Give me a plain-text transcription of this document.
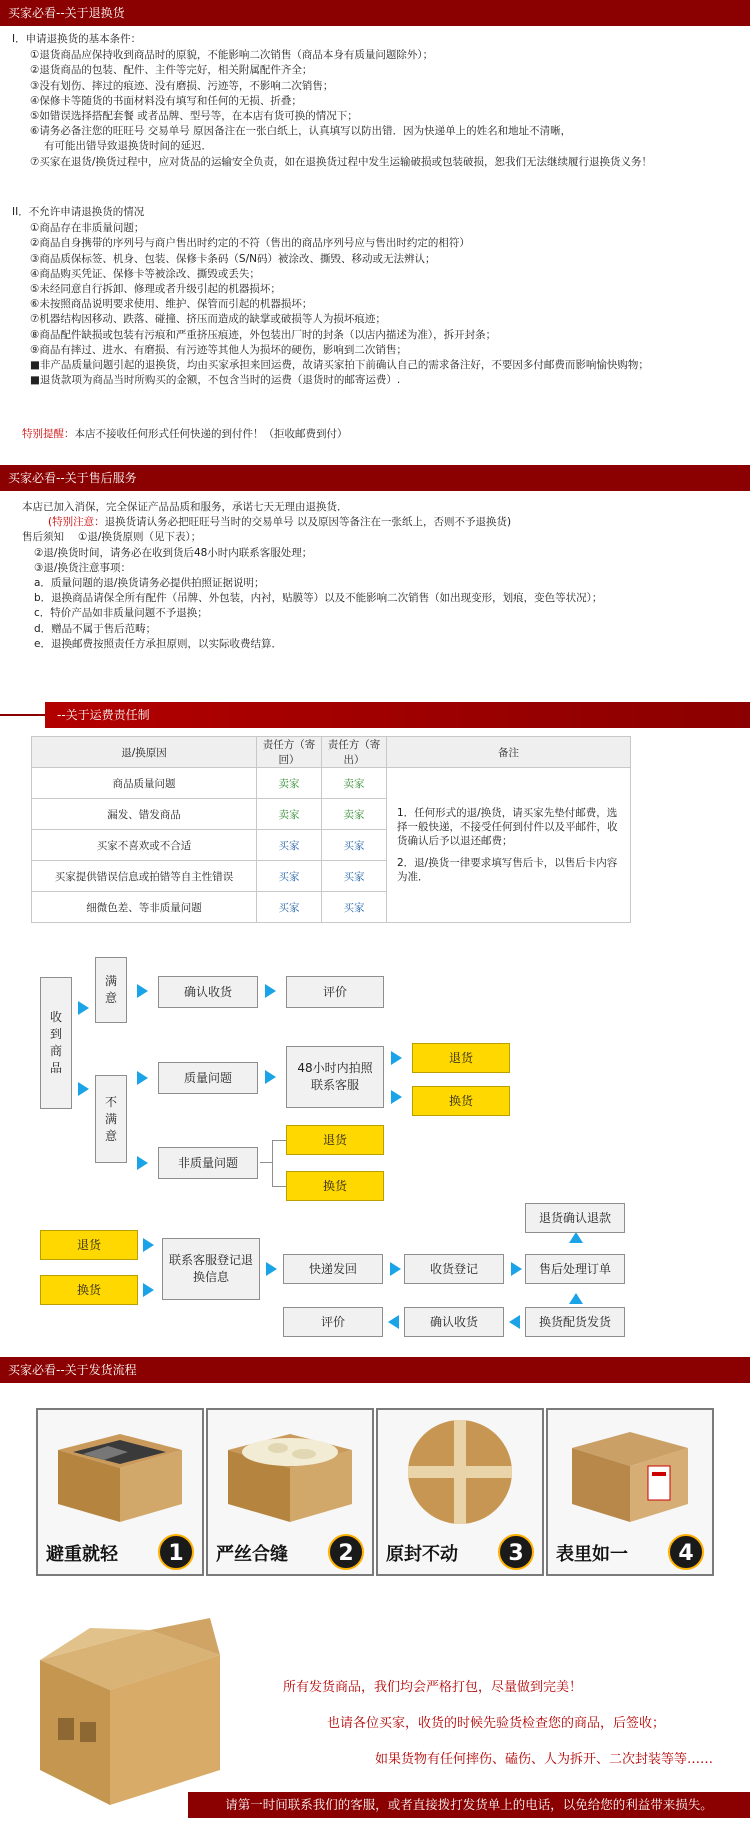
买家必看--关于退换货
I．申请退换货的基本条件：
①退货商品应保持收到商品时的原貌，不能影响二次销售（商品本身有质量问题除外）；
②退货商品的包装、配件、主件等完好，相关附属配件齐全；
③没有划伤、摔过的痕迹、没有磨损、污迹等，不影响二次销售；
④保修卡等随货的书面材料没有填写和任何的无损、折叠；
⑤如错误选择搭配套餐 或者品牌、型号等，在本店有货可换的情况下；
⑥请务必备注您的旺旺号 交易单号 原因备注在一张白纸上，认真填写以防出错．因为快递单上的姓名和地址不清晰，
有可能出错导致退换货时间的延迟．
⑦买家在退货/换货过程中，应对货品的运输安全负责，如在退换货过程中发生运输破损或包装破损，恕我们无法继续履行退换货义务！
II．不允许申请退换货的情况
①商品存在非质量问题；
②商品自身携带的序列号与商户售出时约定的不符（售出的商品序列号应与售出时约定的相符）
③商品质保标签、机身、包装、保修卡条码（S/N码）被涂改、撕毁、移动或无法辨认；
④商品购买凭证、保修卡等被涂改、撕毁或丢失；
⑤未经同意自行拆卸、修理或者升级引起的机器损坏；
⑥未按照商品说明要求使用、维护、保管而引起的机器损坏；
⑦机器结构因移动、跌落、碰撞、挤压而造成的缺掌或破损等人为损坏痕迹；
⑧商品配件缺损或包装有污痕和严重挤压痕迹，外包装出厂时的封条（以店内描述为准），拆开封条；
⑨商品有摔过、进水、有磨损、有污迹等其他人为损坏的硬伤，影响到二次销售；
■非产品质量问题引起的退换货，均由买家承担来回运费，故请买家拍下前确认自己的需求备注好，不要因多付邮费而影响愉快购物；
■退货款项为商品当时所购买的金额，不包含当时的运费（退货时的邮寄运费）.
特别提醒：本店不接收任何形式任何快递的到付件！（拒收邮费到付）
买家必看--关于售后服务
本店已加入消保，完全保证产品品质和服务，承诺七天无理由退换货．
(特别注意：退换货请认务必把旺旺号当时的交易单号 以及原因等备注在一张纸上，否则不予退换货)
售后须知 ①退/换货原则（见下表）；
②退/换货时间，请务必在收到货后48小时内联系客服处理；
③退/换货注意事项：
a．质量问题的退/换货请务必提供拍照证据说明；
b．退换商品请保全所有配件（吊牌、外包装，内衬，贴膜等）以及不能影响二次销售（如出现变形，划痕，变色等状况）；
c．特价产品如非质量问题不予退换；
d．赠品不属于售后范畴；
e．退换邮费按照责任方承担原则，以实际收费结算．
--关于运费责任制
退/换原因	责任方（寄回）	责任方（寄出）	备注
商品质量问题	卖家	卖家	1．任何形式的退/换货，请买家先垫付邮费，选择一般快递，不接受任何到付件以及平邮件，收货确认后予以退还邮费；
2．退/换货一律要求填写售后卡，以售后卡内容为准．

漏发、错发商品	卖家	卖家	
买家不喜欢或不合适	买家	买家	
买家提供错误信息或拍错等自主性错误	买家	买家	
细微色差、等非质量问题	买家	买家	
收到商品
满意	确认收货	评价
不满意
质量问题
48小时内拍照联系客服
退货
换货
非质量问题
退货
换货
退货
换货
联系客服登记退换信息
快递发回	收货登记	售后处理订单
退货确认退款
换货配货发货
确认收货
评价
买家必看--关于发货流程
避重就轻	1	严丝合缝	2	原封不动	3	表里如一	4
所有发货商品，我们均会严格打包，尽量做到完美！
也请各位买家，收货的时候先验货检查您的商品，后签收；
如果货物有任何摔伤、磕伤、人为拆开、二次封装等等……
请第一时间联系我们的客服，或者直接拨打发货单上的电话，以免给您的利益带来损失。
